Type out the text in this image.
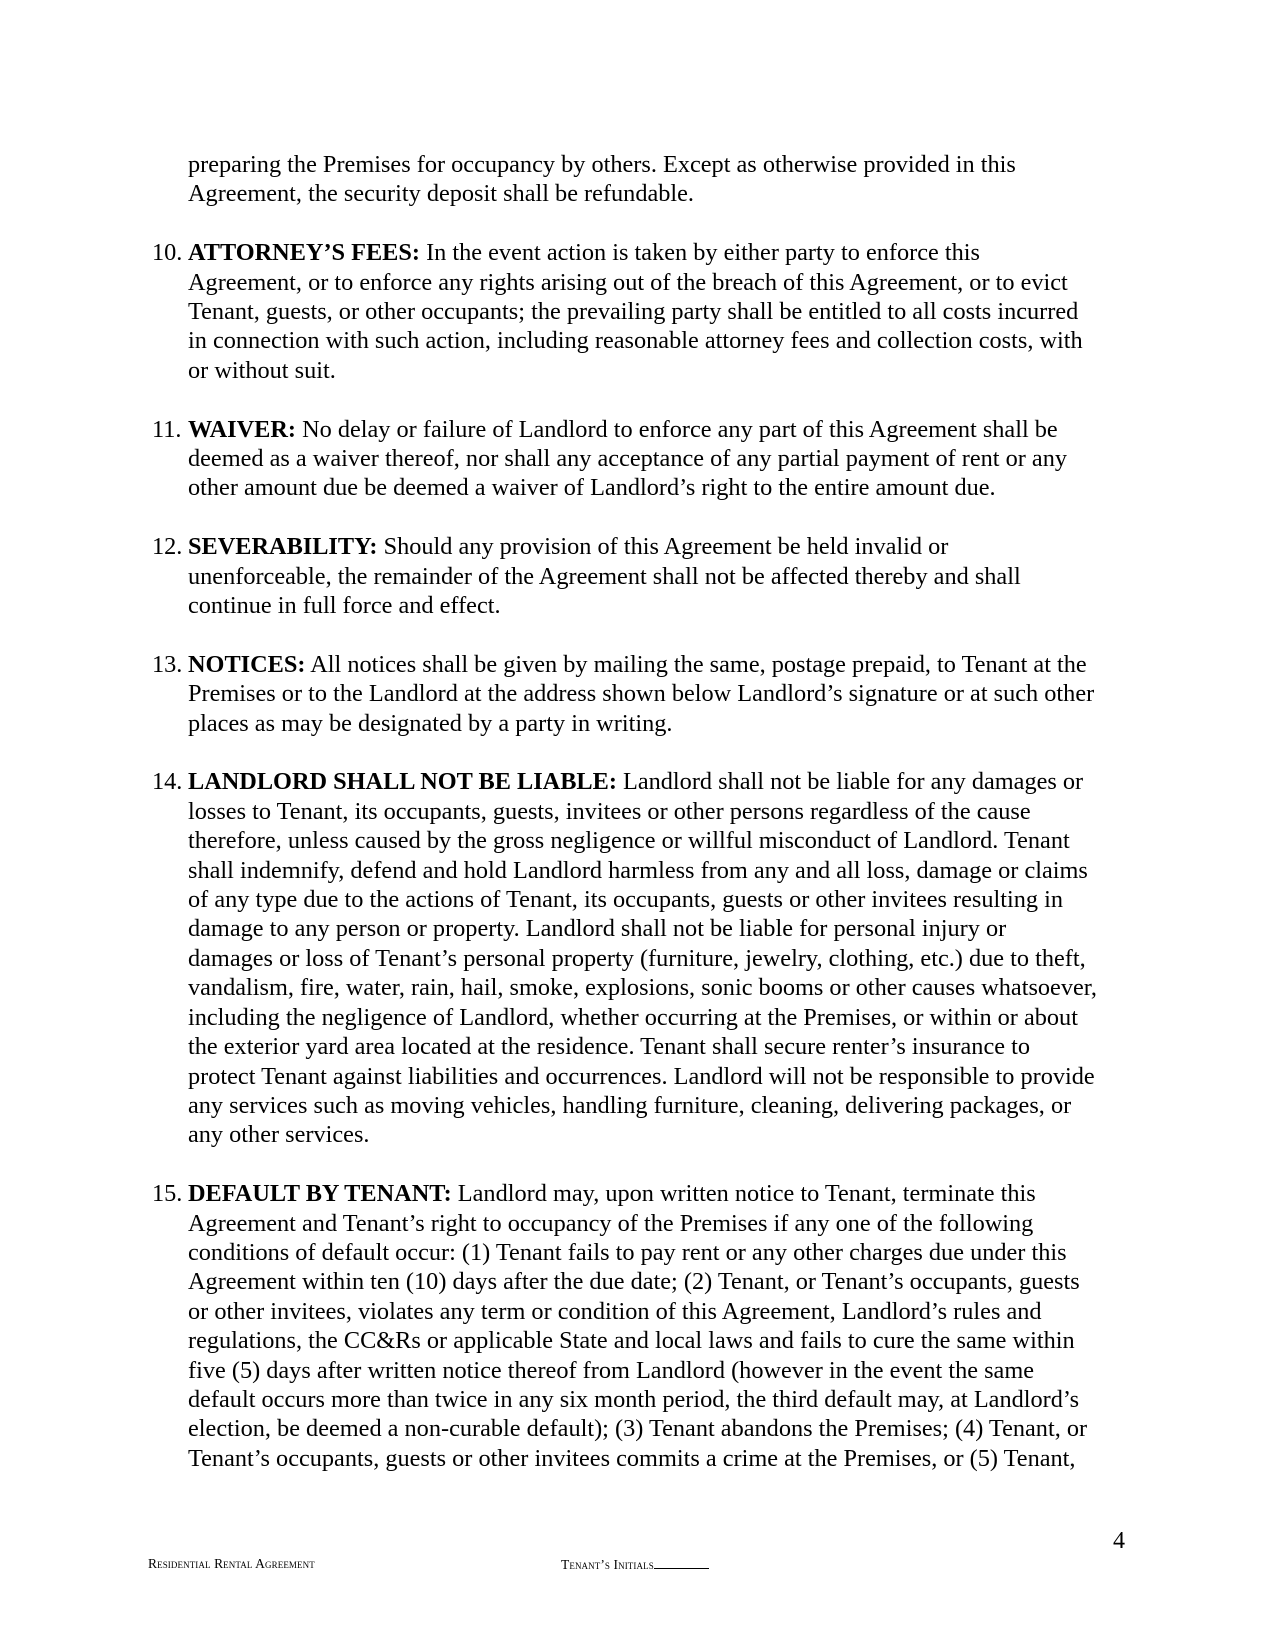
preparing the Premises for occupancy by others. Except as otherwise provided in this
Agreement, the security deposit shall be refundable.
10. ATTORNEY’S FEES: In the event action is taken by either party to enforce this
Agreement, or to enforce any rights arising out of the breach of this Agreement, or to evict
Tenant, guests, or other occupants; the prevailing party shall be entitled to all costs incurred
in connection with such action, including reasonable attorney fees and collection costs, with
or without suit.
11. WAIVER: No delay or failure of Landlord to enforce any part of this Agreement shall be
deemed as a waiver thereof, nor shall any acceptance of any partial payment of rent or any
other amount due be deemed a waiver of Landlord’s right to the entire amount due.
12. SEVERABILITY: Should any provision of this Agreement be held invalid or
unenforceable, the remainder of the Agreement shall not be affected thereby and shall
continue in full force and effect.
13. NOTICES: All notices shall be given by mailing the same, postage prepaid, to Tenant at the
Premises or to the Landlord at the address shown below Landlord’s signature or at such other
places as may be designated by a party in writing.
14. LANDLORD SHALL NOT BE LIABLE: Landlord shall not be liable for any damages or
losses to Tenant, its occupants, guests, invitees or other persons regardless of the cause
therefore, unless caused by the gross negligence or willful misconduct of Landlord. Tenant
shall indemnify, defend and hold Landlord harmless from any and all loss, damage or claims
of any type due to the actions of Tenant, its occupants, guests or other invitees resulting in
damage to any person or property. Landlord shall not be liable for personal injury or
damages or loss of Tenant’s personal property (furniture, jewelry, clothing, etc.) due to theft,
vandalism, fire, water, rain, hail, smoke, explosions, sonic booms or other causes whatsoever,
including the negligence of Landlord, whether occurring at the Premises, or within or about
the exterior yard area located at the residence. Tenant shall secure renter’s insurance to
protect Tenant against liabilities and occurrences. Landlord will not be responsible to provide
any services such as moving vehicles, handling furniture, cleaning, delivering packages, or
any other services.
15. DEFAULT BY TENANT: Landlord may, upon written notice to Tenant, terminate this
Agreement and Tenant’s right to occupancy of the Premises if any one of the following
conditions of default occur: (1) Tenant fails to pay rent or any other charges due under this
Agreement within ten (10) days after the due date; (2) Tenant, or Tenant’s occupants, guests
or other invitees, violates any term or condition of this Agreement, Landlord’s rules and
regulations, the CC&Rs or applicable State and local laws and fails to cure the same within
five (5) days after written notice thereof from Landlord (however in the event the same
default occurs more than twice in any six month period, the third default may, at Landlord’s
election, be deemed a non-curable default); (3) Tenant abandons the Premises; (4) Tenant, or
Tenant’s occupants, guests or other invitees commits a crime at the Premises, or (5) Tenant,
4
Residential Rental Agreement	Tenant’s Initials
